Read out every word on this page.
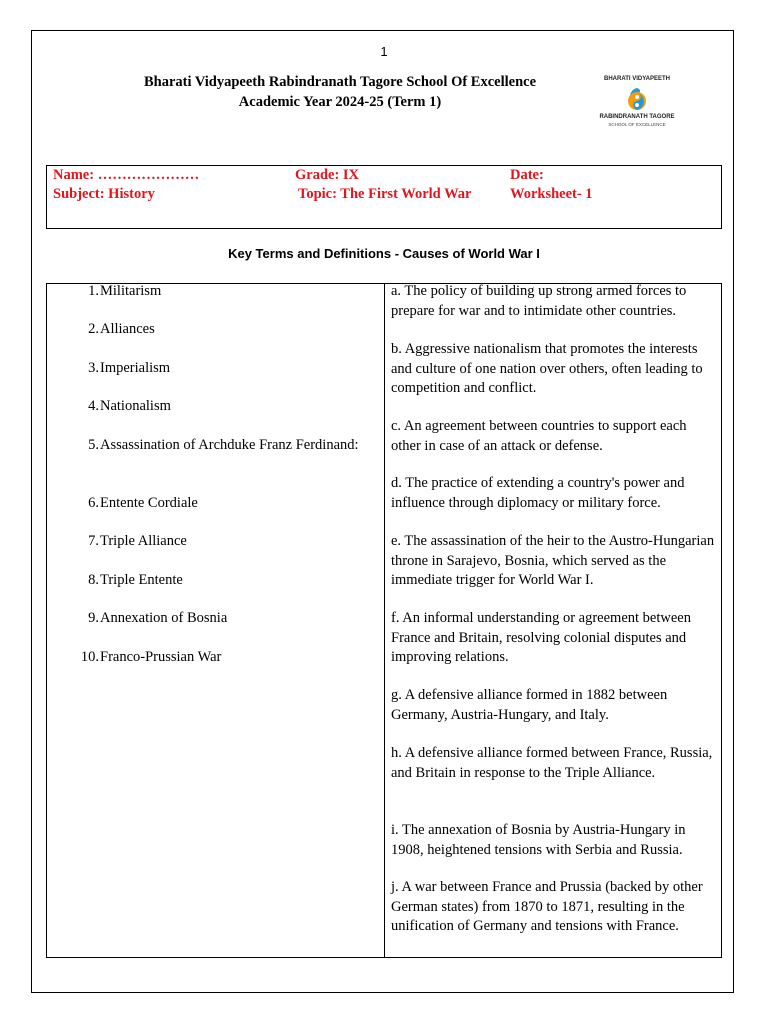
1
Bharati Vidyapeeth Rabindranath Tagore School Of Excellence
Academic Year 2024-25 (Term 1)
BHARATI VIDYAPEETH
RABINDRANATH TAGORE
SCHOOL OF EXCELLENCE
Name: …………………	Grade: IX	Date:
Subject: History	Topic: The First World War	Worksheet- 1
Key Terms and Definitions - Causes of World War I
1. Militarism
2. Alliances
3. Imperialism
4. Nationalism
5. Assassination of Archduke Franz Ferdinand:
6. Entente Cordiale
7. Triple Alliance
8. Triple Entente
9. Annexation of Bosnia
10. Franco-Prussian War
a. The policy of building up strong armed forces to prepare for war and to intimidate other countries.
b. Aggressive nationalism that promotes the interests and culture of one nation over others, often leading to competition and conflict.
c. An agreement between countries to support each other in case of an attack or defense.
d. The practice of extending a country's power and influence through diplomacy or military force.
e. The assassination of the heir to the Austro-Hungarian throne in Sarajevo, Bosnia, which served as the immediate trigger for World War I.
f. An informal understanding or agreement between France and Britain, resolving colonial disputes and improving relations.
g. A defensive alliance formed in 1882 between Germany, Austria-Hungary, and Italy.
h. A defensive alliance formed between France, Russia, and Britain in response to the Triple Alliance.
i. The annexation of Bosnia by Austria-Hungary in 1908, heightened tensions with Serbia and Russia.
j. A war between France and Prussia (backed by other German states) from 1870 to 1871, resulting in the unification of Germany and tensions with France.
